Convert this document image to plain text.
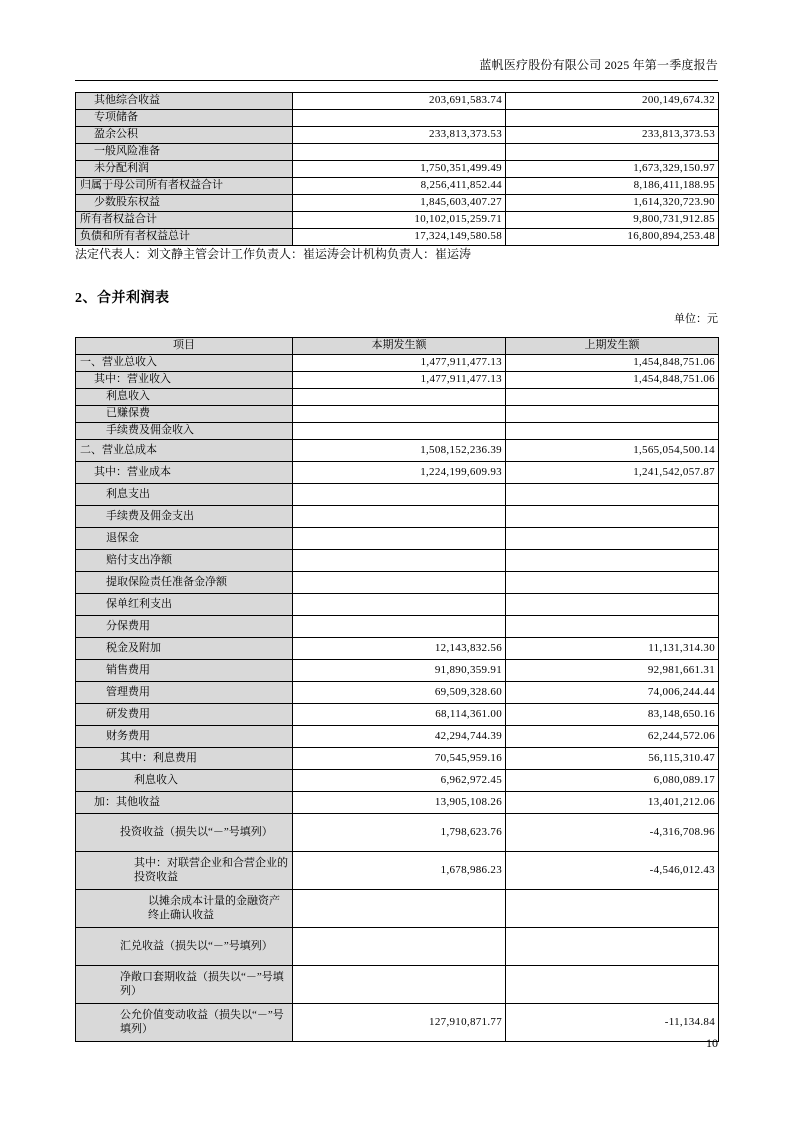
蓝帆医疗股份有限公司 2025 年第一季度报告
其他综合收益	203,691,583.74	200,149,674.32
专项储备		
盈余公积	233,813,373.53	233,813,373.53
一般风险准备		
未分配利润	1,750,351,499.49	1,673,329,150.97
归属于母公司所有者权益合计	8,256,411,852.44	8,186,411,188.95
少数股东权益	1,845,603,407.27	1,614,320,723.90
所有者权益合计	10,102,015,259.71	9,800,731,912.85
负债和所有者权益总计	17,324,149,580.58	16,800,894,253.48
法定代表人：刘文静主管会计工作负责人：崔运涛会计机构负责人：崔运涛
2、合并利润表
单位：元
项目	本期发生额	上期发生额
一、营业总收入	1,477,911,477.13	1,454,848,751.06
其中：营业收入	1,477,911,477.13	1,454,848,751.06
利息收入		
已赚保费		
手续费及佣金收入		
二、营业总成本	1,508,152,236.39	1,565,054,500.14
其中：营业成本	1,224,199,609.93	1,241,542,057.87
利息支出		
手续费及佣金支出		
退保金		
赔付支出净额		
提取保险责任准备金净额		
保单红利支出		
分保费用		
税金及附加	12,143,832.56	11,131,314.30
销售费用	91,890,359.91	92,981,661.31
管理费用	69,509,328.60	74,006,244.44
研发费用	68,114,361.00	83,148,650.16
财务费用	42,294,744.39	62,244,572.06
其中：利息费用	70,545,959.16	56,115,310.47
利息收入	6,962,972.45	6,080,089.17
加：其他收益	13,905,108.26	13,401,212.06
投资收益（损失以“－”号填列）	1,798,623.76	-4,316,708.96
其中：对联营企业和合营企业的投资收益	1,678,986.23	-4,546,012.43
以摊余成本计量的金融资产终止确认收益		
汇兑收益（损失以“－”号填列）		
净敞口套期收益（损失以“－”号填列）		
公允价值变动收益（损失以“－”号填列）	127,910,871.77	-11,134.84
10
